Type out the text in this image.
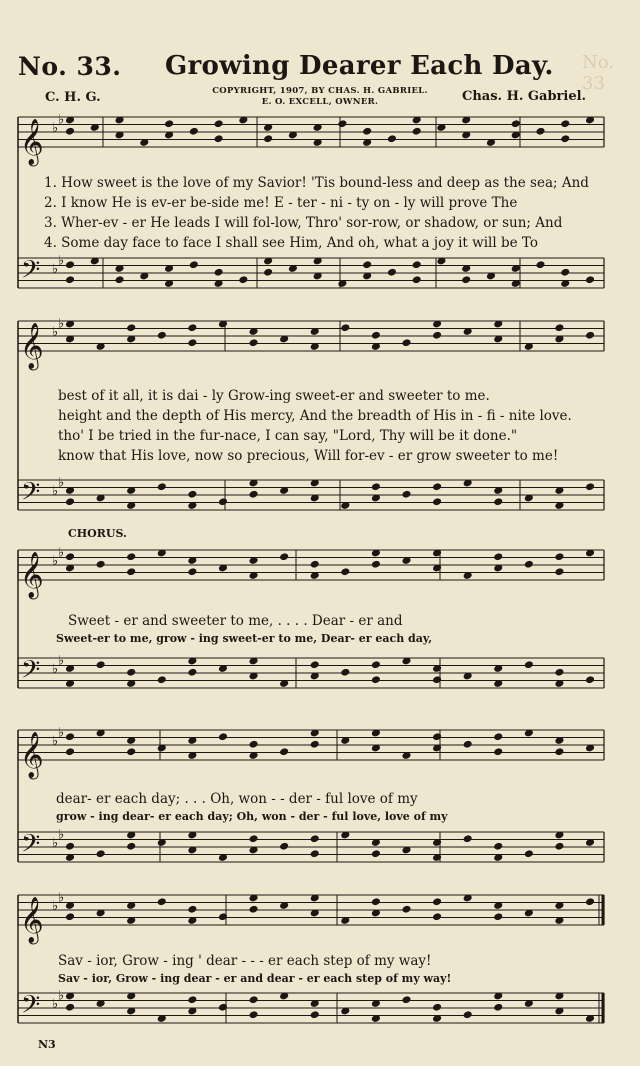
No. 33
No. 33. Growing Dearer Each Day.
C. H. G.	COPYRIGHT, 1907, BY CHAS. H. GABRIEL.
E. O. EXCELL, OWNER.	Chas. H. Gabriel.
𝄞 ♭
♭
𝄢 ♭
♭
𝄞 ♭
♭
𝄢 ♭
♭
𝄞 ♭
♭
𝄢 ♭
♭
𝄞 ♭
♭
𝄢 ♭
♭
𝄞 ♭
♭
𝄢 ♭
♭
1. How sweet is the love of my Savior! 'Tis bound-less and deep as the sea; And
2. I know He is ev-er be-side me! E - ter - ni - ty on - ly will prove The
3. Wher-ev - er He leads I will fol-low, Thro' sor-row, or shadow, or sun; And
4. Some day face to face I shall see Him, And oh, what a joy it will be To
best of it all, it is dai - ly Grow-ing sweet-er and sweeter to me.
height and the depth of His mercy, And the breadth of His in - fi - nite love.
tho' I be tried in the fur-nace, I can say, "Lord, Thy will be it done."
know that His love, now so precious, Will for-ev - er grow sweeter to me!
CHORUS.
Sweet - er and sweeter to me, . . . . Dear - er and
Sweet-er to me, grow - ing sweet-er to me, Dear- er each day,
dear- er each day; . . . Oh, won - - der - ful love of my
grow - ing dear- er each day; Oh, won - der - ful love, love of my
Sav - ior, Grow - ing ' dear - - - er each step of my way!
Sav - ior, Grow - ing dear - er and dear - er each step of my way!
N3
